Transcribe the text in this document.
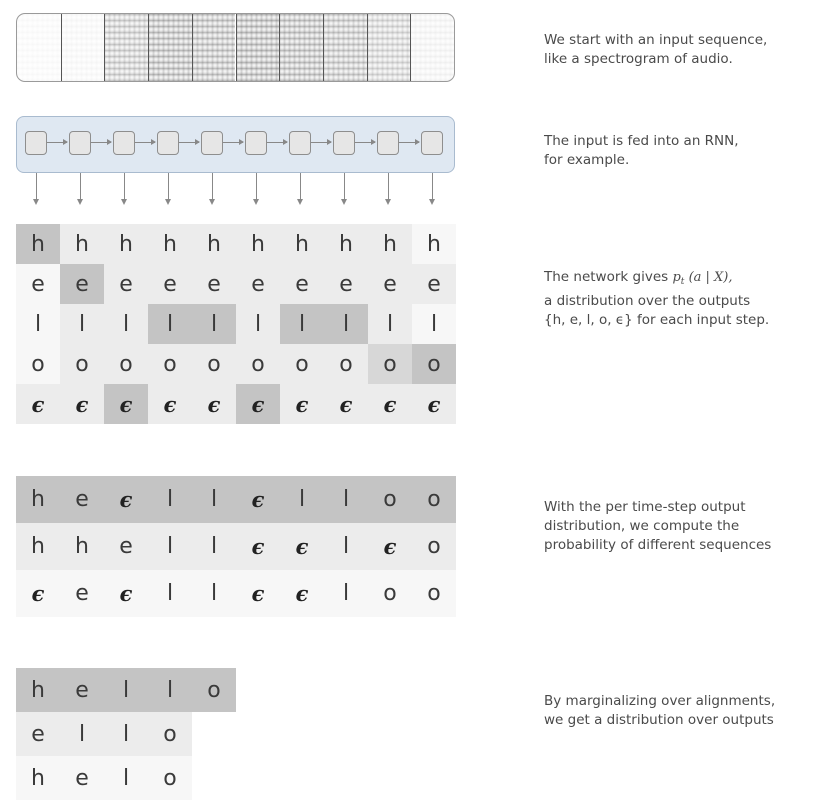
h	h	h	h	h	h	h	h	h	h
e	e	e	e	e	e	e	e	e	e
l	l	l	l	l	l	l	l	l	l
o	o	o	o	o	o	o	o	o	o
ϵ	ϵ	ϵ	ϵ	ϵ	ϵ	ϵ	ϵ	ϵ	ϵ
h	e	ϵ	l	l	ϵ	l	l	o	o
h	h	e	l	l	ϵ	ϵ	l	ϵ	o
ϵ	e	ϵ	l	l	ϵ	ϵ	l	o	o
h	e	l	l	o
e	l	l	o
h	e	l	o
We start with an input sequence,
like a spectrogram of audio.
The input is fed into an RNN,
for example.
The network gives $p_t$ (a | X),
a distribution over the outputs
{h, e, l, o, ϵ} for each input step.
With the per time-step output
distribution, we compute the
probability of different sequences
By marginalizing over alignments,
we get a distribution over outputs
